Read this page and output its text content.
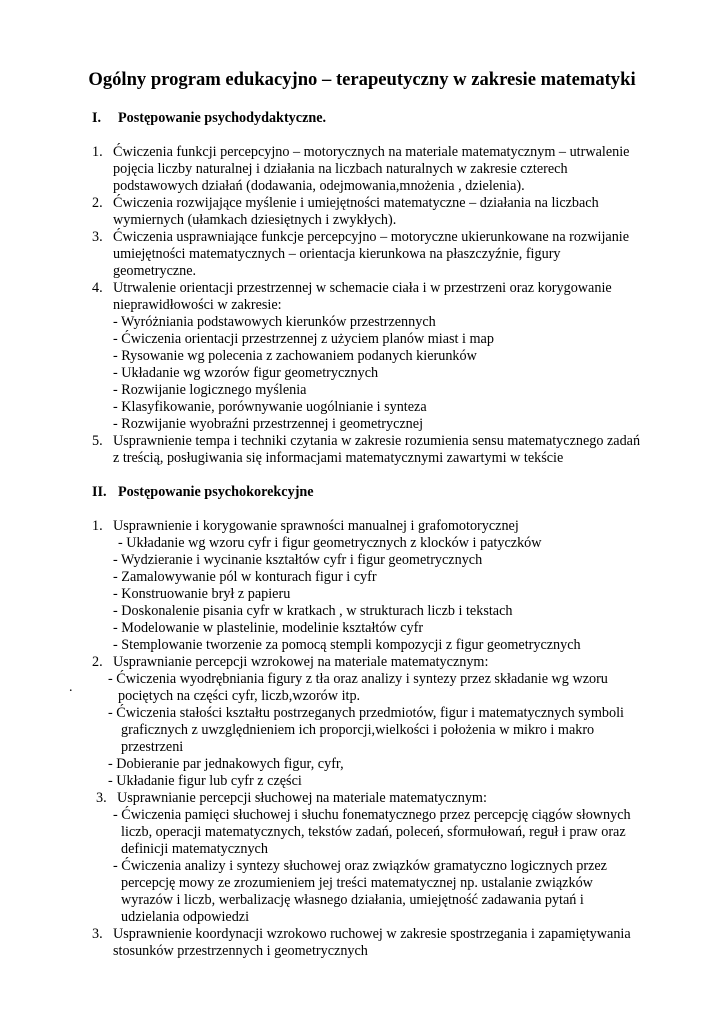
Ogólny program edukacyjno – terapeutyczny w zakresie matematyki
I. Postępowanie psychodydaktyczne.
1. Ćwiczenia funkcji percepcyjno – motorycznych na materiale matematycznym – utrwalenie
pojęcia liczby naturalnej i działania na liczbach naturalnych w zakresie czterech
podstawowych działań (dodawania, odejmowania,mnożenia , dzielenia).
2. Ćwiczenia rozwijające myślenie i umiejętności matematyczne – działania na liczbach
wymiernych (ułamkach dziesiętnych i zwykłych).
3. Ćwiczenia usprawniające funkcje percepcyjno – motoryczne ukierunkowane na rozwijanie
umiejętności matematycznych – orientacja kierunkowa na płaszczyźnie, figury
geometryczne.
4. Utrwalenie orientacji przestrzennej w schemacie ciała i w przestrzeni oraz korygowanie
nieprawidłowości w zakresie:
- Wyróżniania podstawowych kierunków przestrzennych
- Ćwiczenia orientacji przestrzennej z użyciem planów miast i map
- Rysowanie wg polecenia z zachowaniem podanych kierunków
- Układanie wg wzorów figur geometrycznych
- Rozwijanie logicznego myślenia
- Klasyfikowanie, porównywanie uogólnianie i synteza
- Rozwijanie wyobraźni przestrzennej i geometrycznej
5. Usprawnienie tempa i techniki czytania w zakresie rozumienia sensu matematycznego zadań
z treścią, posługiwania się informacjami matematycznymi zawartymi w tekście
II. Postępowanie psychokorekcyjne
1. Usprawnienie i korygowanie sprawności manualnej i grafomotorycznej
- Układanie wg wzoru cyfr i figur geometrycznych z klocków i patyczków
- Wydzieranie i wycinanie kształtów cyfr i figur geometrycznych
- Zamalowywanie pól w konturach figur i cyfr
- Konstruowanie brył z papieru
- Doskonalenie pisania cyfr w kratkach , w strukturach liczb i tekstach
- Modelowanie w plastelinie, modelinie kształtów cyfr
- Stemplowanie tworzenie za pomocą stempli kompozycji z figur geometrycznych
2. Usprawnianie percepcji wzrokowej na materiale matematycznym:
- Ćwiczenia wyodrębniania figury z tła oraz analizy i syntezy przez składanie wg wzoru
.
pociętych na części cyfr, liczb,wzorów itp.
- Ćwiczenia stałości kształtu postrzeganych przedmiotów, figur i matematycznych symboli
graficznych z uwzględnieniem ich proporcji,wielkości i położenia w mikro i makro
przestrzeni
- Dobieranie par jednakowych figur, cyfr,
- Układanie figur lub cyfr z części
3. Usprawnianie percepcji słuchowej na materiale matematycznym:
- Ćwiczenia pamięci słuchowej i słuchu fonematycznego przez percepcję ciągów słownych
liczb, operacji matematycznych, tekstów zadań, poleceń, sformułowań, reguł i praw oraz
definicji matematycznych
- Ćwiczenia analizy i syntezy słuchowej oraz związków gramatyczno logicznych przez
percepcję mowy ze zrozumieniem jej treści matematycznej np. ustalanie związków
wyrazów i liczb, werbalizację własnego działania, umiejętność zadawania pytań i
udzielania odpowiedzi
3. Usprawnienie koordynacji wzrokowo ruchowej w zakresie spostrzegania i zapamiętywania
stosunków przestrzennych i geometrycznych
